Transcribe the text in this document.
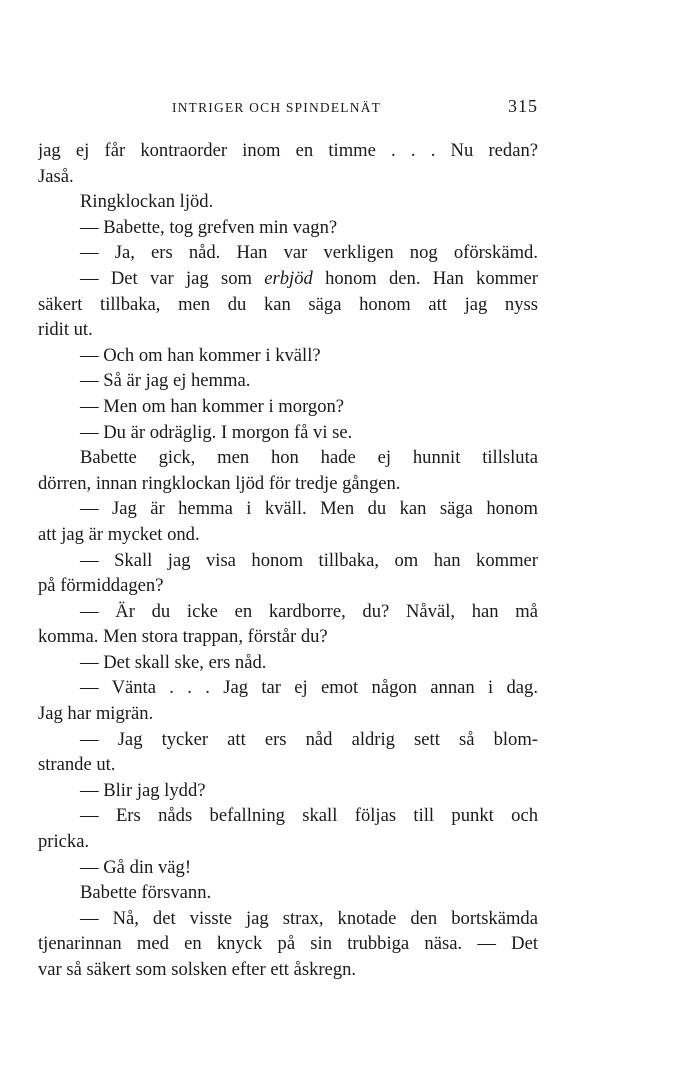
INTRIGER OCH SPINDELNÄT	315
jag ej får kontraorder inom en timme . . . Nu redan?
Jaså.
Ringklockan ljöd.
— Babette, tog grefven min vagn?
— Ja, ers nåd. Han var verkligen nog oförskämd.
— Det var jag som erbjöd honom den. Han kommer
säkert tillbaka, men du kan säga honom att jag nyss
ridit ut.
— Och om han kommer i kväll?
— Så är jag ej hemma.
— Men om han kommer i morgon?
— Du är odräglig. I morgon få vi se.
Babette gick, men hon hade ej hunnit tillsluta
dörren, innan ringklockan ljöd för tredje gången.
— Jag är hemma i kväll. Men du kan säga honom
att jag är mycket ond.
— Skall jag visa honom tillbaka, om han kommer
på förmiddagen?
— Är du icke en kardborre, du? Nåväl, han må
komma. Men stora trappan, förstår du?
— Det skall ske, ers nåd.
— Vänta . . . Jag tar ej emot någon annan i dag.
Jag har migrän.
— Jag tycker att ers nåd aldrig sett så blom-
strande ut.
— Blir jag lydd?
— Ers nåds befallning skall följas till punkt och
pricka.
— Gå din väg!
Babette försvann.
— Nå, det visste jag strax, knotade den bortskämda
tjenarinnan med en knyck på sin trubbiga näsa. — Det
var så säkert som solsken efter ett åskregn.
